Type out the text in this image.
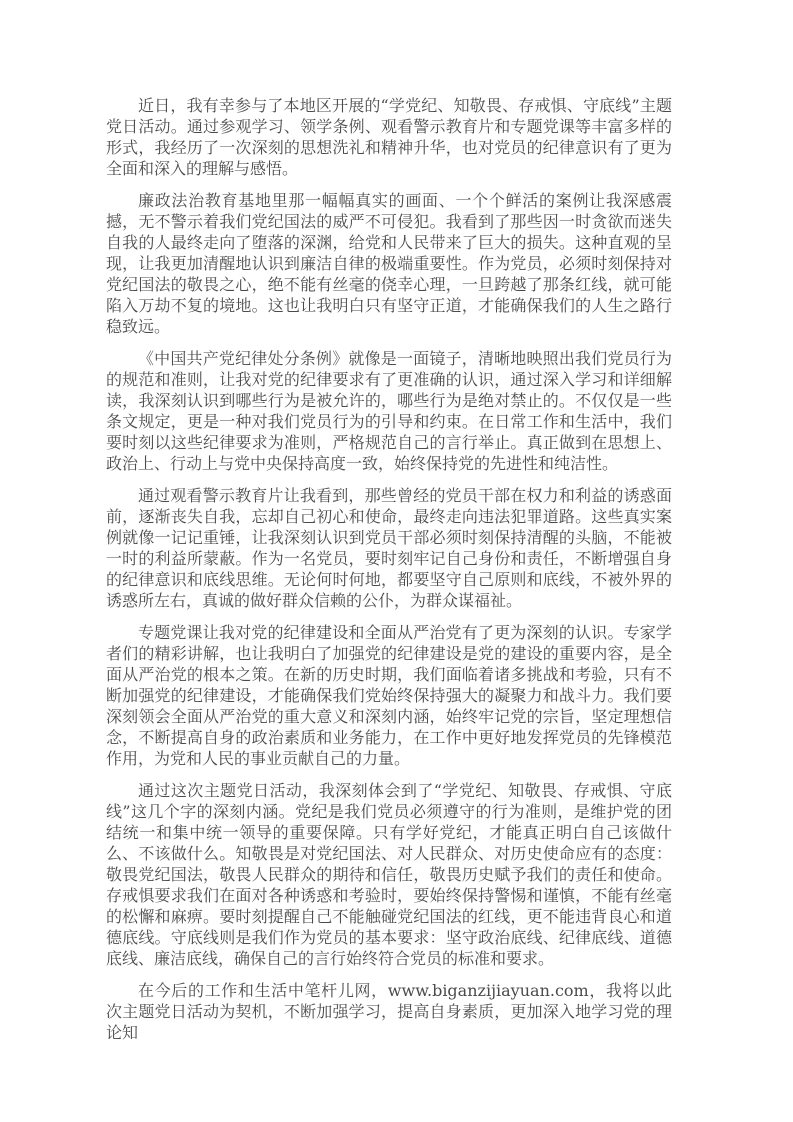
近日，我有幸参与了本地区开展的“学党纪、知敬畏、存戒惧、守底线”主题党日活动。通过参观学习、领学条例、观看警示教育片和专题党课等丰富多样的形式，我经历了一次深刻的思想洗礼和精神升华，也对党员的纪律意识有了更为全面和深入的理解与感悟。

廉政法治教育基地里那一幅幅真实的画面、一个个鲜活的案例让我深感震撼，无不警示着我们党纪国法的威严不可侵犯。我看到了那些因一时贪欲而迷失自我的人最终走向了堕落的深渊，给党和人民带来了巨大的损失。这种直观的呈现，让我更加清醒地认识到廉洁自律的极端重要性。作为党员，必须时刻保持对党纪国法的敬畏之心，绝不能有丝毫的侥幸心理，一旦跨越了那条红线，就可能陷入万劫不复的境地。这也让我明白只有坚守正道，才能确保我们的人生之路行稳致远。

《中国共产党纪律处分条例》就像是一面镜子，清晰地映照出我们党员行为的规范和准则，让我对党的纪律要求有了更准确的认识，通过深入学习和详细解读，我深刻认识到哪些行为是被允许的，哪些行为是绝对禁止的。不仅仅是一些条文规定，更是一种对我们党员行为的引导和约束。在日常工作和生活中，我们要时刻以这些纪律要求为准则，严格规范自己的言行举止。真正做到在思想上、政治上、行动上与党中央保持高度一致，始终保持党的先进性和纯洁性。

通过观看警示教育片让我看到，那些曾经的党员干部在权力和利益的诱惑面前，逐渐丧失自我，忘却自己初心和使命，最终走向违法犯罪道路。这些真实案例就像一记记重锤，让我深刻认识到党员干部必须时刻保持清醒的头脑，不能被一时的利益所蒙蔽。作为一名党员，要时刻牢记自己身份和责任，不断增强自身的纪律意识和底线思维。无论何时何地，都要坚守自己原则和底线，不被外界的诱惑所左右，真诚的做好群众信赖的公仆，为群众谋福祉。

专题党课让我对党的纪律建设和全面从严治党有了更为深刻的认识。专家学者们的精彩讲解，也让我明白了加强党的纪律建设是党的建设的重要内容，是全面从严治党的根本之策。在新的历史时期，我们面临着诸多挑战和考验，只有不断加强党的纪律建设，才能确保我们党始终保持强大的凝聚力和战斗力。我们要深刻领会全面从严治党的重大意义和深刻内涵，始终牢记党的宗旨，坚定理想信念，不断提高自身的政治素质和业务能力，在工作中更好地发挥党员的先锋模范作用，为党和人民的事业贡献自己的力量。

通过这次主题党日活动，我深刻体会到了“学党纪、知敬畏、存戒惧、守底线”这几个字的深刻内涵。党纪是我们党员必须遵守的行为准则，是维护党的团结统一和集中统一领导的重要保障。只有学好党纪，才能真正明白自己该做什么、不该做什么。知敬畏是对党纪国法、对人民群众、对历史使命应有的态度：敬畏党纪国法，敬畏人民群众的期待和信任，敬畏历史赋予我们的责任和使命。存戒惧要求我们在面对各种诱惑和考验时，要始终保持警惕和谨慎，不能有丝毫的松懈和麻痹。要时刻提醒自己不能触碰党纪国法的红线，更不能违背良心和道德底线。守底线则是我们作为党员的基本要求：坚守政治底线、纪律底线、道德底线、廉洁底线，确保自己的言行始终符合党员的标准和要求。

在今后的工作和生活中笔杆儿网，www.biganzijiayuan.com，我将以此次主题党日活动为契机，不断加强学习，提高自身素质，更加深入地学习党的理论知
